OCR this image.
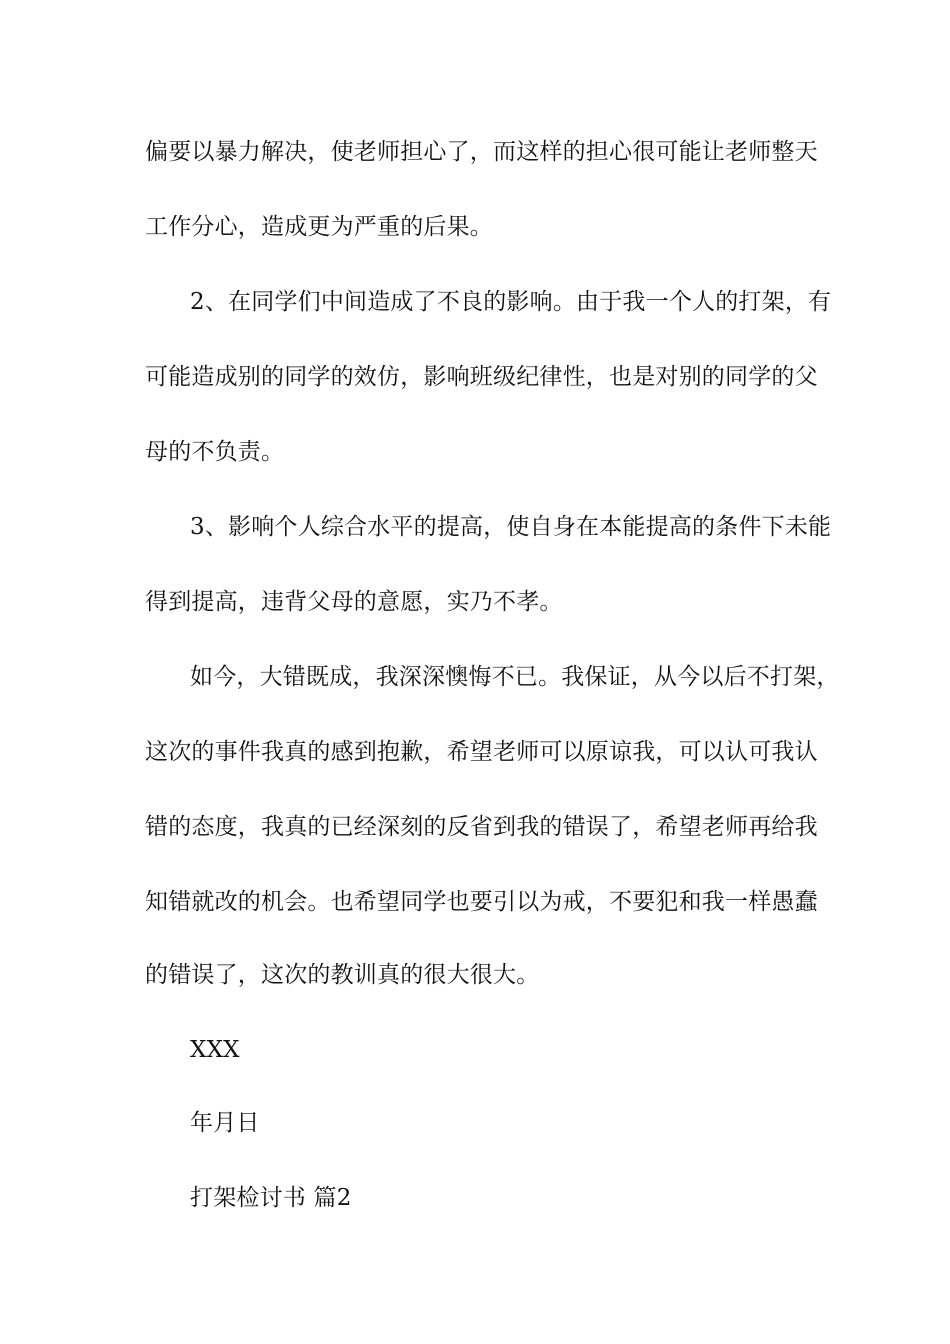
偏要以暴力解决，使老师担心了，而这样的担心很可能让老师整天
工作分心，造成更为严重的后果。
2、在同学们中间造成了不良的影响。由于我一个人的打架，有
可能造成别的同学的效仿，影响班级纪律性，也是对别的同学的父
母的不负责。
3、影响个人综合水平的提高，使自身在本能提高的条件下未能
得到提高，违背父母的意愿，实乃不孝。
如今，大错既成，我深深懊悔不已。我保证，从今以后不打架，
这次的事件我真的感到抱歉，希望老师可以原谅我，可以认可我认
错的态度，我真的已经深刻的反省到我的错误了，希望老师再给我
知错就改的机会。也希望同学也要引以为戒，不要犯和我一样愚蠢
的错误了，这次的教训真的很大很大。
XXX
年月日
打架检讨书 篇2
